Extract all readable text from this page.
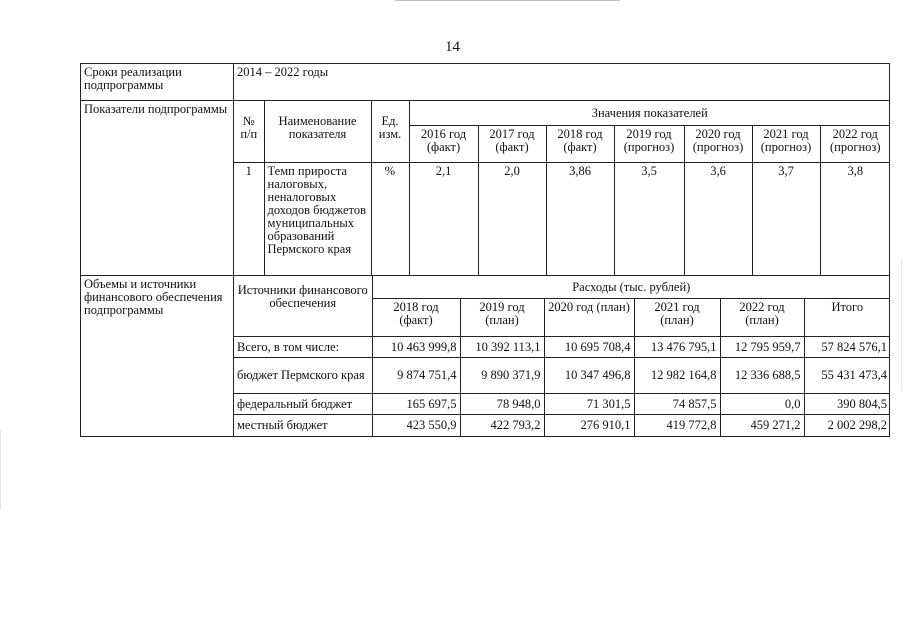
14
Сроки реализации подпрограммы	2014 – 2022 годы
Показатели подпрограммы	
№ п/п	Наименование показателя	Ед. изм.	Значения показателей
2016 год (факт)	2017 год (факт)	2018 год (факт)	2019 год (прогноз)	2020 год (прогноз)	2021 год (прогноз)	2022 год (прогноз)
1	Темп прироста налоговых, неналоговых доходов бюджетов муниципальных образований Пермского края	%	2,1	2,0	3,86	3,5	3,6	3,7	3,8

Объемы и источники финансового обеспечения подпрограммы	
Источники финансового обеспечения	Расходы (тыс. рублей)
2018 год (факт)	2019 год (план)	2020 год (план)	2021 год (план)	2022 год (план)	Итого
Всего, в том числе:	10 463 999,8	10 392 113,1	10 695 708,4	13 476 795,1	12 795 959,7	57 824 576,1
бюджет Пермского края	9 874 751,4	9 890 371,9	10 347 496,8	12 982 164,8	12 336 688,5	55 431 473,4
федеральный бюджет	165 697,5	78 948,0	71 301,5	74 857,5	0,0	390 804,5
местный бюджет	423 550,9	422 793,2	276 910,1	419 772,8	459 271,2	2 002 298,2
